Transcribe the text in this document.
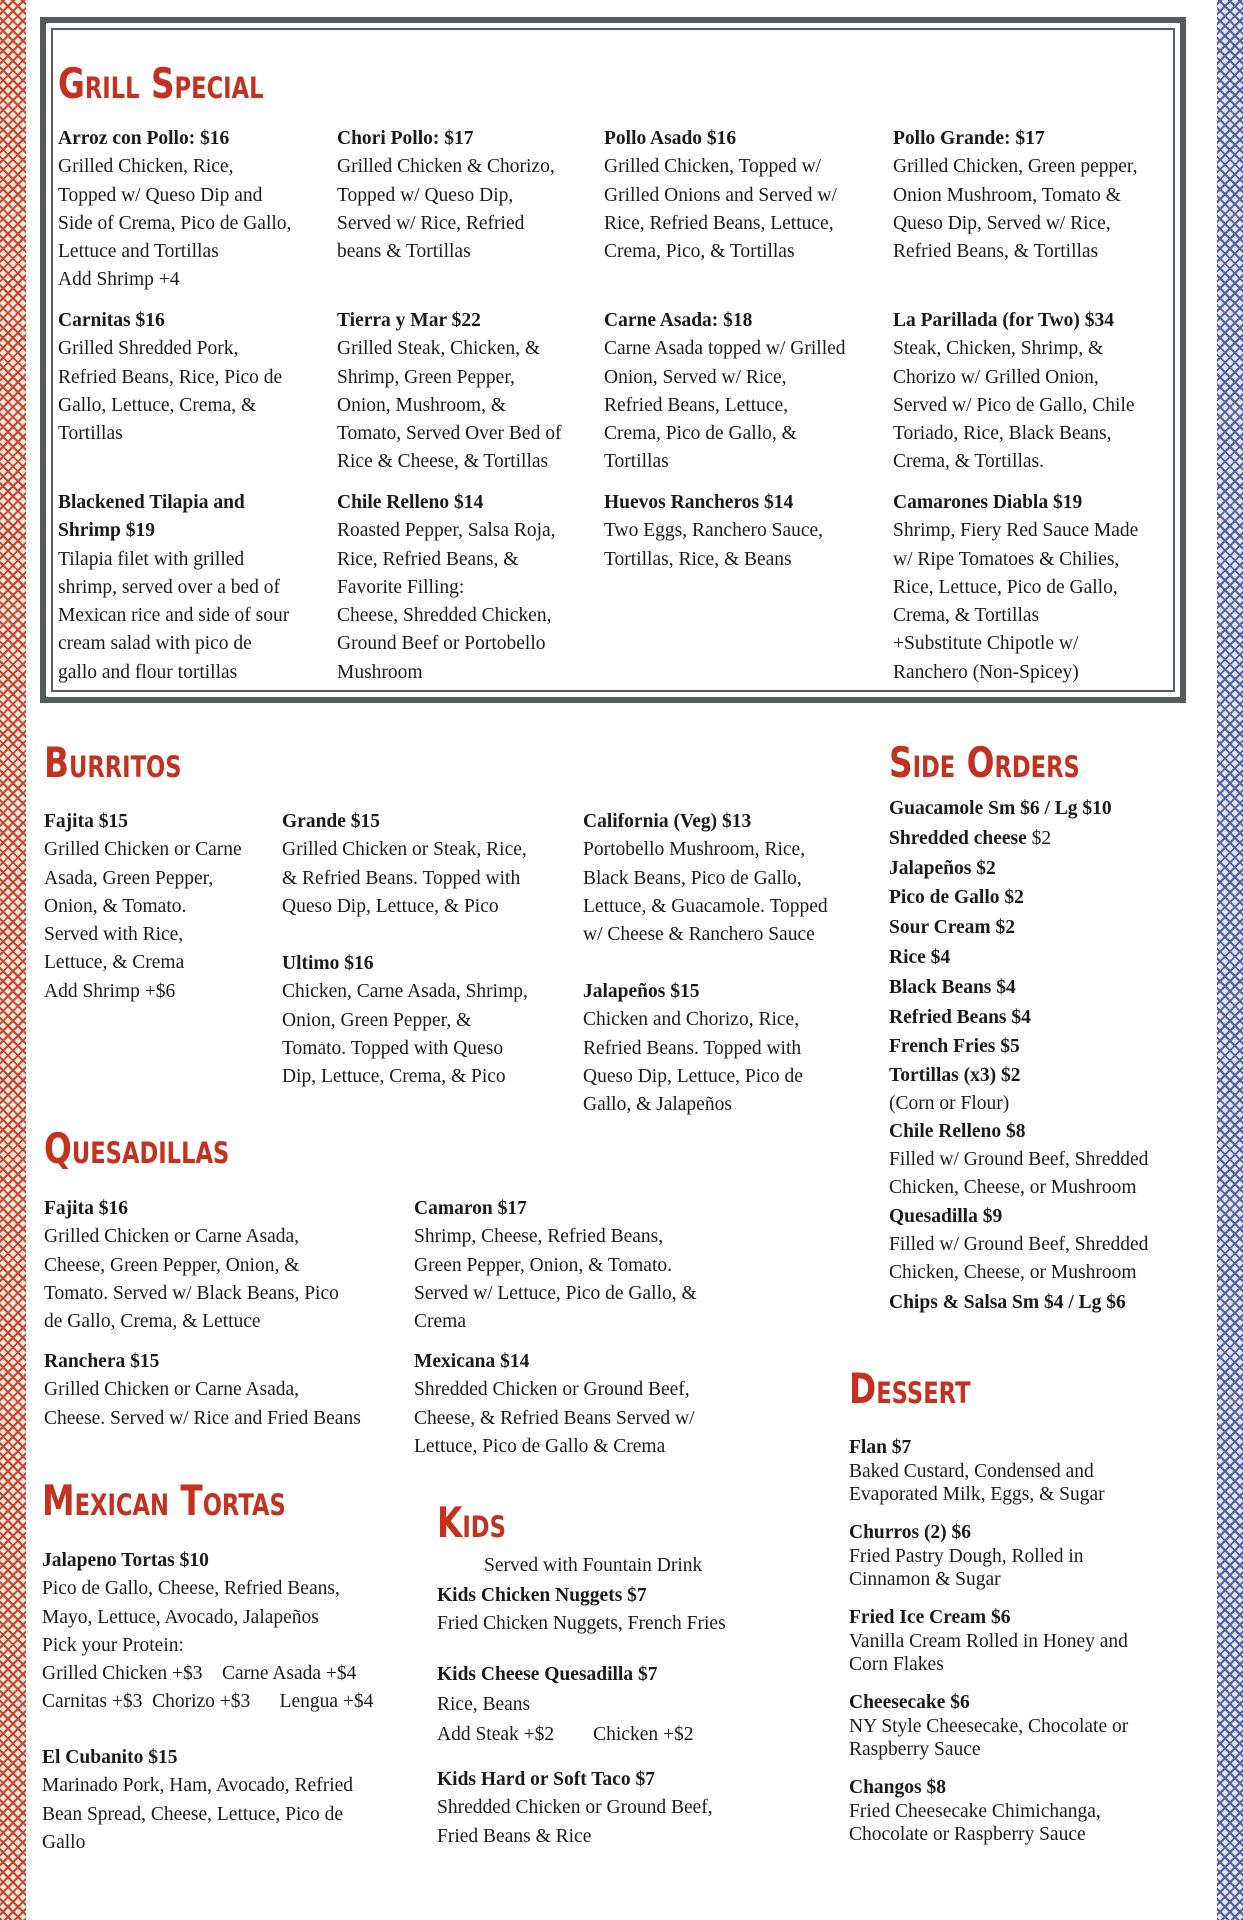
Grill Special
Arroz con Pollo: $16
Grilled Chicken, Rice,
Topped w/ Queso Dip and
Side of Crema, Pico de Gallo,
Lettuce and Tortillas
Add Shrimp +4
Chori Pollo: $17
Grilled Chicken & Chorizo,
Topped w/ Queso Dip,
Served w/ Rice, Refried
beans & Tortillas
Pollo Asado $16
Grilled Chicken, Topped w/
Grilled Onions and Served w/
Rice, Refried Beans, Lettuce,
Crema, Pico, & Tortillas
Pollo Grande: $17
Grilled Chicken, Green pepper,
Onion Mushroom, Tomato &
Queso Dip, Served w/ Rice,
Refried Beans, & Tortillas
Carnitas $16
Grilled Shredded Pork,
Refried Beans, Rice, Pico de
Gallo, Lettuce, Crema, &
Tortillas
Tierra y Mar $22
Grilled Steak, Chicken, &
Shrimp, Green Pepper,
Onion, Mushroom, &
Tomato, Served Over Bed of
Rice & Cheese, & Tortillas
Carne Asada: $18
Carne Asada topped w/ Grilled
Onion, Served w/ Rice,
Refried Beans, Lettuce,
Crema, Pico de Gallo, &
Tortillas
La Parillada (for Two) $34
Steak, Chicken, Shrimp, &
Chorizo w/ Grilled Onion,
Served w/ Pico de Gallo, Chile
Toriado, Rice, Black Beans,
Crema, & Tortillas.
Blackened Tilapia and
Shrimp $19
Tilapia filet with grilled
shrimp, served over a bed of
Mexican rice and side of sour
cream salad with pico de
gallo and flour tortillas
Chile Relleno $14
Roasted Pepper, Salsa Roja,
Rice, Refried Beans, &
Favorite Filling:
Cheese, Shredded Chicken,
Ground Beef or Portobello
Mushroom
Huevos Rancheros $14
Two Eggs, Ranchero Sauce,
Tortillas, Rice, & Beans
Camarones Diabla $19
Shrimp, Fiery Red Sauce Made
w/ Ripe Tomatoes & Chilies,
Rice, Lettuce, Pico de Gallo,
Crema, & Tortillas
+Substitute Chipotle w/
Ranchero (Non-Spicey)
Burritos
Fajita $15
Grilled Chicken or Carne
Asada, Green Pepper,
Onion, & Tomato.
Served with Rice,
Lettuce, & Crema
Add Shrimp +$6
Grande $15
Grilled Chicken or Steak, Rice,
& Refried Beans. Topped with
Queso Dip, Lettuce, & Pico
Ultimo $16
Chicken, Carne Asada, Shrimp,
Onion, Green Pepper, &
Tomato. Topped with Queso
Dip, Lettuce, Crema, & Pico
California (Veg) $13
Portobello Mushroom, Rice,
Black Beans, Pico de Gallo,
Lettuce, & Guacamole. Topped
w/ Cheese & Ranchero Sauce
Jalapeños $15
Chicken and Chorizo, Rice,
Refried Beans. Topped with
Queso Dip, Lettuce, Pico de
Gallo, & Jalapeños
Quesadillas
Fajita $16
Grilled Chicken or Carne Asada,
Cheese, Green Pepper, Onion, &
Tomato. Served w/ Black Beans, Pico
de Gallo, Crema, & Lettuce
Camaron $17
Shrimp, Cheese, Refried Beans,
Green Pepper, Onion, & Tomato.
Served w/ Lettuce, Pico de Gallo, &
Crema
Ranchera $15
Grilled Chicken or Carne Asada,
Cheese. Served w/ Rice and Fried Beans
Mexicana $14
Shredded Chicken or Ground Beef,
Cheese, & Refried Beans Served w/
Lettuce, Pico de Gallo & Crema
Mexican Tortas
Jalapeno Tortas $10
Pico de Gallo, Cheese, Refried Beans,
Mayo, Lettuce, Avocado, Jalapeños
Pick your Protein:
Grilled Chicken +$3    Carne Asada +$4
Carnitas +$3  Chorizo +$3      Lengua +$4
El Cubanito $15
Marinado Pork, Ham, Avocado, Refried
Bean Spread, Cheese, Lettuce, Pico de
Gallo
Kids
Served with Fountain Drink
Kids Chicken Nuggets $7
Fried Chicken Nuggets, French Fries
Kids Cheese Quesadilla $7
Rice, Beans
Add Steak +$2        Chicken +$2
Kids Hard or Soft Taco $7
Shredded Chicken or Ground Beef,
Fried Beans & Rice
Side Orders
Guacamole Sm $6 / Lg $10
Shredded cheese $2
Jalapeños $2
Pico de Gallo $2
Sour Cream $2
Rice $4
Black Beans $4
Refried Beans $4
French Fries $5
Tortillas (x3) $2
(Corn or Flour)
Chile Relleno $8
Filled w/ Ground Beef, Shredded
Chicken, Cheese, or Mushroom
Quesadilla $9
Filled w/ Ground Beef, Shredded
Chicken, Cheese, or Mushroom
Chips & Salsa Sm $4 / Lg $6
Dessert
Flan $7
Baked Custard, Condensed and
Evaporated Milk, Eggs, & Sugar
Churros (2) $6
Fried Pastry Dough, Rolled in
Cinnamon & Sugar
Fried Ice Cream $6
Vanilla Cream Rolled in Honey and
Corn Flakes
Cheesecake $6
NY Style Cheesecake, Chocolate or
Raspberry Sauce
Changos $8
Fried Cheesecake Chimichanga,
Chocolate or Raspberry Sauce
